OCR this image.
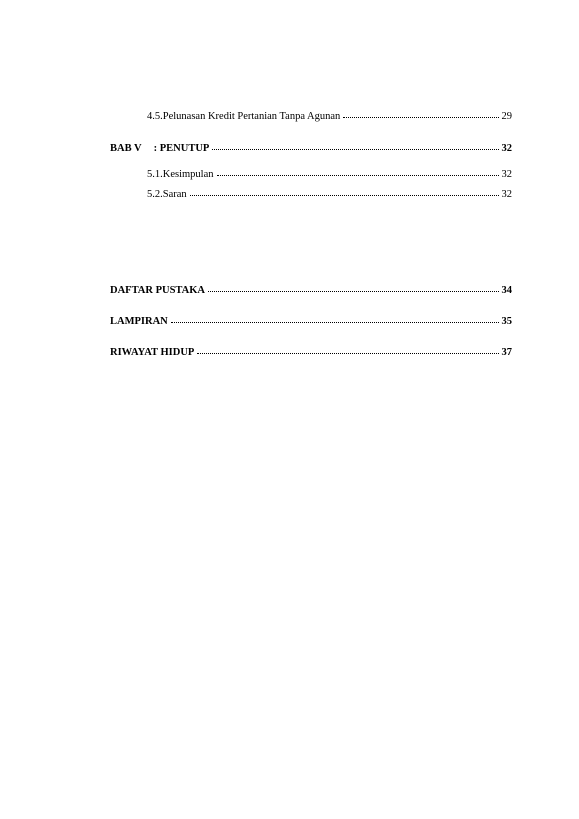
4.5.Pelunasan Kredit Pertanian Tanpa Agunan	29
BAB V : PENUTUP	32
5.1.Kesimpulan	32
5.2.Saran	32
DAFTAR PUSTAKA	34
LAMPIRAN	35
RIWAYAT HIDUP	37
